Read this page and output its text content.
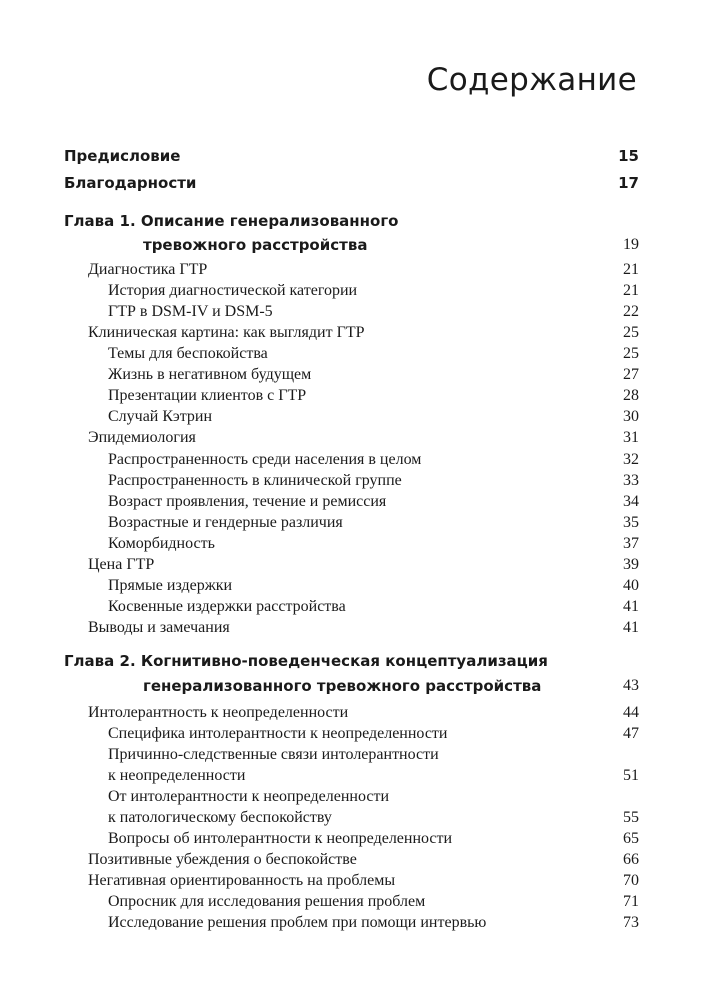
Содержание
Предисловие	15
Благодарности	17
Глава 1. Описание генерализованного
тревожного расстройства	19
Диагностика ГТР	21
История диагностической категории	21
ГТР в DSM-IV и DSM-5	22
Клиническая картина: как выглядит ГТР	25
Темы для беспокойства	25
Жизнь в негативном будущем	27
Презентации клиентов с ГТР	28
Случай Кэтрин	30
Эпидемиология	31
Распространенность среди населения в целом	32
Распространенность в клинической группе	33
Возраст проявления, течение и ремиссия	34
Возрастные и гендерные различия	35
Коморбидность	37
Цена ГТР	39
Прямые издержки	40
Косвенные издержки расстройства	41
Выводы и замечания	41
Глава 2. Когнитивно-поведенческая концептуализация
генерализованного тревожного расстройства	43
Интолерантность к неопределенности	44
Специфика интолерантности к неопределенности	47
Причинно-следственные связи интолерантности
к неопределенности	51
От интолерантности к неопределенности
к патологическому беспокойству	55
Вопросы об интолерантности к неопределенности	65
Позитивные убеждения о беспокойстве	66
Негативная ориентированность на проблемы	70
Опросник для исследования решения проблем	71
Исследование решения проблем при помощи интервью	73
